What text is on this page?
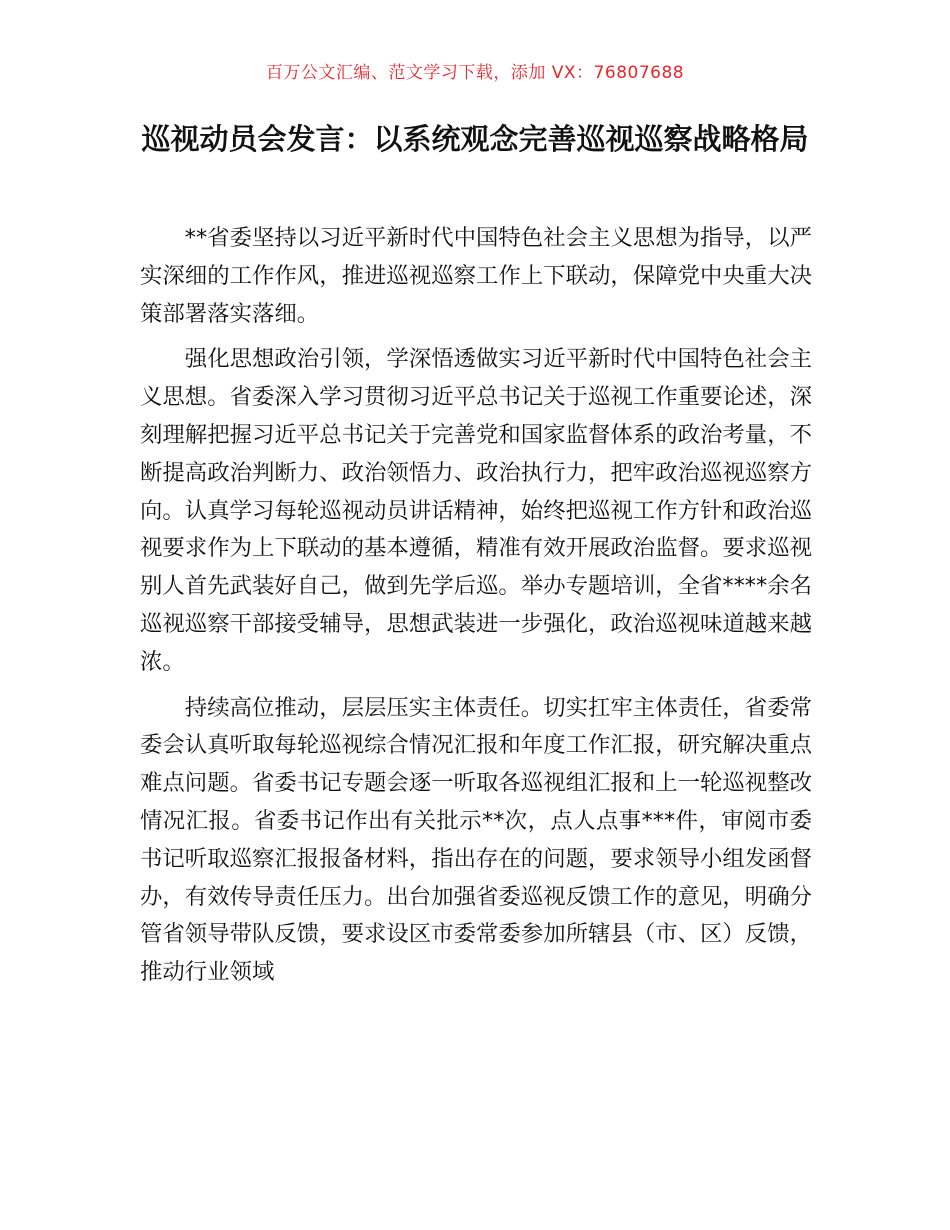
百万公文汇编、范文学习下载，添加 VX：76807688
巡视动员会发言：以系统观念完善巡视巡察战略格局

**省委坚持以习近平新时代中国特色社会主义思想为指导，以严实深细的工作作风，推进巡视巡察工作上下联动，保障党中央重大决策部署落实落细。

强化思想政治引领，学深悟透做实习近平新时代中国特色社会主义思想。省委深入学习贯彻习近平总书记关于巡视工作重要论述，深刻理解把握习近平总书记关于完善党和国家监督体系的政治考量，不断提高政治判断力、政治领悟力、政治执行力，把牢政治巡视巡察方向。认真学习每轮巡视动员讲话精神，始终把巡视工作方针和政治巡视要求作为上下联动的基本遵循，精准有效开展政治监督。要求巡视别人首先武装好自己，做到先学后巡。举办专题培训，全省****余名巡视巡察干部接受辅导，思想武装进一步强化，政治巡视味道越来越浓。

持续高位推动，层层压实主体责任。切实扛牢主体责任，省委常委会认真听取每轮巡视综合情况汇报和年度工作汇报，研究解决重点难点问题。省委书记专题会逐一听取各巡视组汇报和上一轮巡视整改情况汇报。省委书记作出有关批示**次，点人点事***件，审阅市委书记听取巡察汇报报备材料，指出存在的问题，要求领导小组发函督办，有效传导责任压力。出台加强省委巡视反馈工作的意见，明确分管省领导带队反馈，要求设区市委常委参加所辖县（市、区）反馈，推动行业领域
